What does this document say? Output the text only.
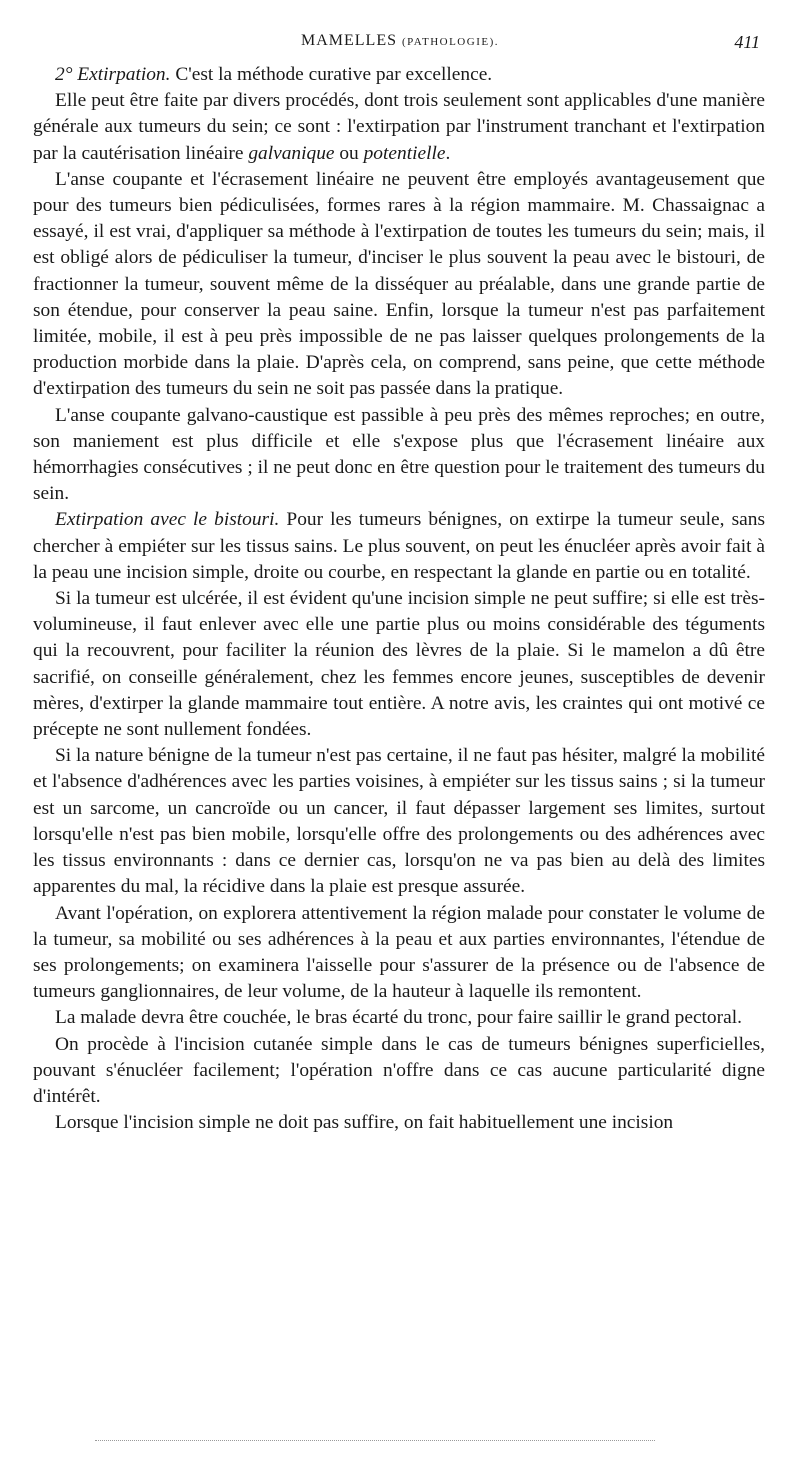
MAMELLES (PATHOLOGIE).	411

2° Extirpation. C'est la méthode curative par excellence.

Elle peut être faite par divers procédés, dont trois seulement sont applicables d'une manière générale aux tumeurs du sein; ce sont : l'extirpation par l'instrument tranchant et l'extirpation par la cautérisation linéaire galvanique ou potentielle.

L'anse coupante et l'écrasement linéaire ne peuvent être employés avantageusement que pour des tumeurs bien pédiculisées, formes rares à la région mammaire. M. Chassaignac a essayé, il est vrai, d'appliquer sa méthode à l'extirpation de toutes les tumeurs du sein; mais, il est obligé alors de pédiculiser la tumeur, d'inciser le plus souvent la peau avec le bistouri, de fractionner la tumeur, souvent même de la disséquer au préalable, dans une grande partie de son étendue, pour conserver la peau saine. Enfin, lorsque la tumeur n'est pas parfaitement limitée, mobile, il est à peu près impossible de ne pas laisser quelques prolongements de la production morbide dans la plaie. D'après cela, on comprend, sans peine, que cette méthode d'extirpation des tumeurs du sein ne soit pas passée dans la pratique.

L'anse coupante galvano-caustique est passible à peu près des mêmes reproches; en outre, son maniement est plus difficile et elle s'expose plus que l'écrasement linéaire aux hémorrhagies consécutives ; il ne peut donc en être question pour le traitement des tumeurs du sein.

Extirpation avec le bistouri. Pour les tumeurs bénignes, on extirpe la tumeur seule, sans chercher à empiéter sur les tissus sains. Le plus souvent, on peut les énucléer après avoir fait à la peau une incision simple, droite ou courbe, en respectant la glande en partie ou en totalité.

Si la tumeur est ulcérée, il est évident qu'une incision simple ne peut suffire; si elle est très-volumineuse, il faut enlever avec elle une partie plus ou moins considérable des téguments qui la recouvrent, pour faciliter la réunion des lèvres de la plaie. Si le mamelon a dû être sacrifié, on conseille généralement, chez les femmes encore jeunes, susceptibles de devenir mères, d'extirper la glande mammaire tout entière. A notre avis, les craintes qui ont motivé ce précepte ne sont nullement fondées.

Si la nature bénigne de la tumeur n'est pas certaine, il ne faut pas hésiter, malgré la mobilité et l'absence d'adhérences avec les parties voisines, à empiéter sur les tissus sains ; si la tumeur est un sarcome, un cancroïde ou un cancer, il faut dépasser largement ses limites, surtout lorsqu'elle n'est pas bien mobile, lorsqu'elle offre des prolongements ou des adhérences avec les tissus environnants : dans ce dernier cas, lorsqu'on ne va pas bien au delà des limites apparentes du mal, la récidive dans la plaie est presque assurée.

Avant l'opération, on explorera attentivement la région malade pour constater le volume de la tumeur, sa mobilité ou ses adhérences à la peau et aux parties environnantes, l'étendue de ses prolongements; on examinera l'aisselle pour s'assurer de la présence ou de l'absence de tumeurs ganglionnaires, de leur volume, de la hauteur à laquelle ils remontent.

La malade devra être couchée, le bras écarté du tronc, pour faire saillir le grand pectoral.

On procède à l'incision cutanée simple dans le cas de tumeurs bénignes superficielles, pouvant s'énucléer facilement; l'opération n'offre dans ce cas aucune particularité digne d'intérêt.

Lorsque l'incision simple ne doit pas suffire, on fait habituellement une incision
